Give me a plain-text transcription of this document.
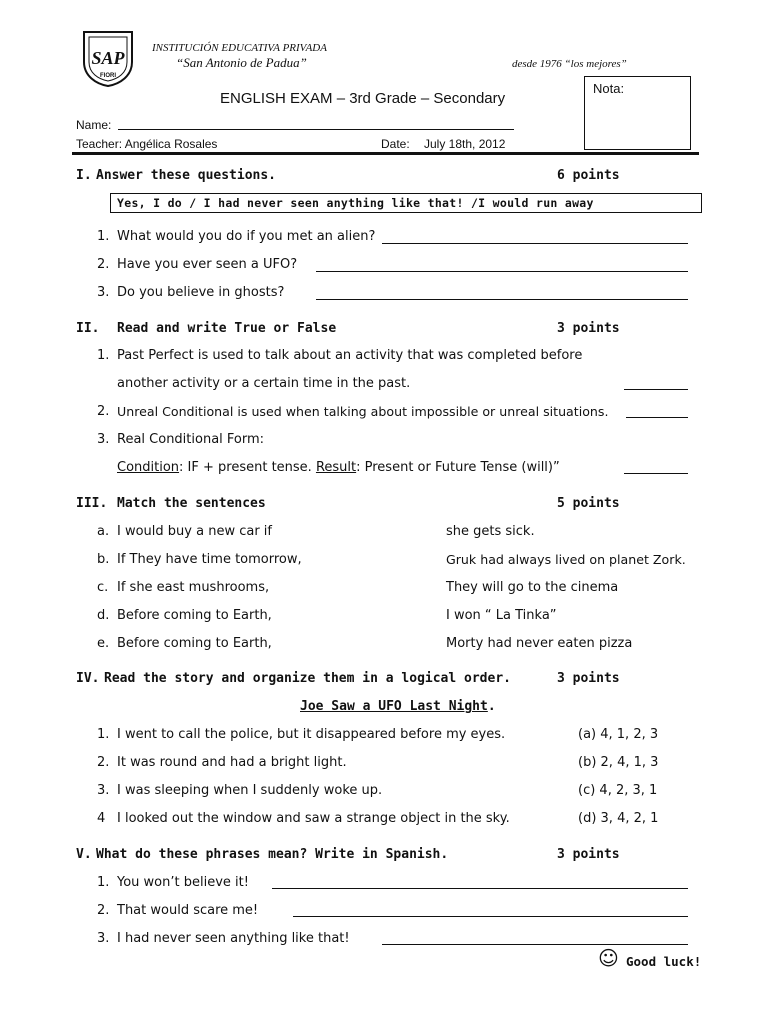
SAP
FIORI
INSTITUCIÓN EDUCATIVA PRIVADA
“San Antonio de Padua”	desde 1976 “los mejores”
ENGLISH EXAM – 3rd Grade – Secondary
Nota:
Name:
Teacher: Angélica Rosales	Date: July 18th, 2012
I. Answer these questions.	6 points
Yes, I do / I had never seen anything like that! /I would run away
1. What would you do if you met an alien?
2. Have you ever seen a UFO?
3. Do you believe in ghosts?
II. Read and write True or False	3 points
1. Past Perfect is used to talk about an activity that was completed before
another activity or a certain time in the past.
2. Unreal Conditional is used when talking about impossible or unreal situations.
3. Real Conditional Form:
Condition: IF + present tense. Result: Present or Future Tense (will)”
III. Match the sentences	5 points
a. I would buy a new car if	she gets sick.
b. If They have time tomorrow,	Gruk had always lived on planet Zork.
c. If she east mushrooms,	They will go to the cinema
d. Before coming to Earth,	I won “ La Tinka”
e. Before coming to Earth,	Morty had never eaten pizza
IV. Read the story and organize them in a logical order.	3 points
Joe Saw a UFO Last Night.
1. I went to call the police, but it disappeared before my eyes.	(a) 4, 1, 2, 3
2. It was round and had a bright light.	(b) 2, 4, 1, 3
3. I was sleeping when I suddenly woke up.	(c) 4, 2, 3, 1
4 I looked out the window and saw a strange object in the sky.	(d) 3, 4, 2, 1
V. What do these phrases mean? Write in Spanish.	3 points
1. You won’t believe it!
2. That would scare me!
3. I had never seen anything like that!
☺ Good luck!
